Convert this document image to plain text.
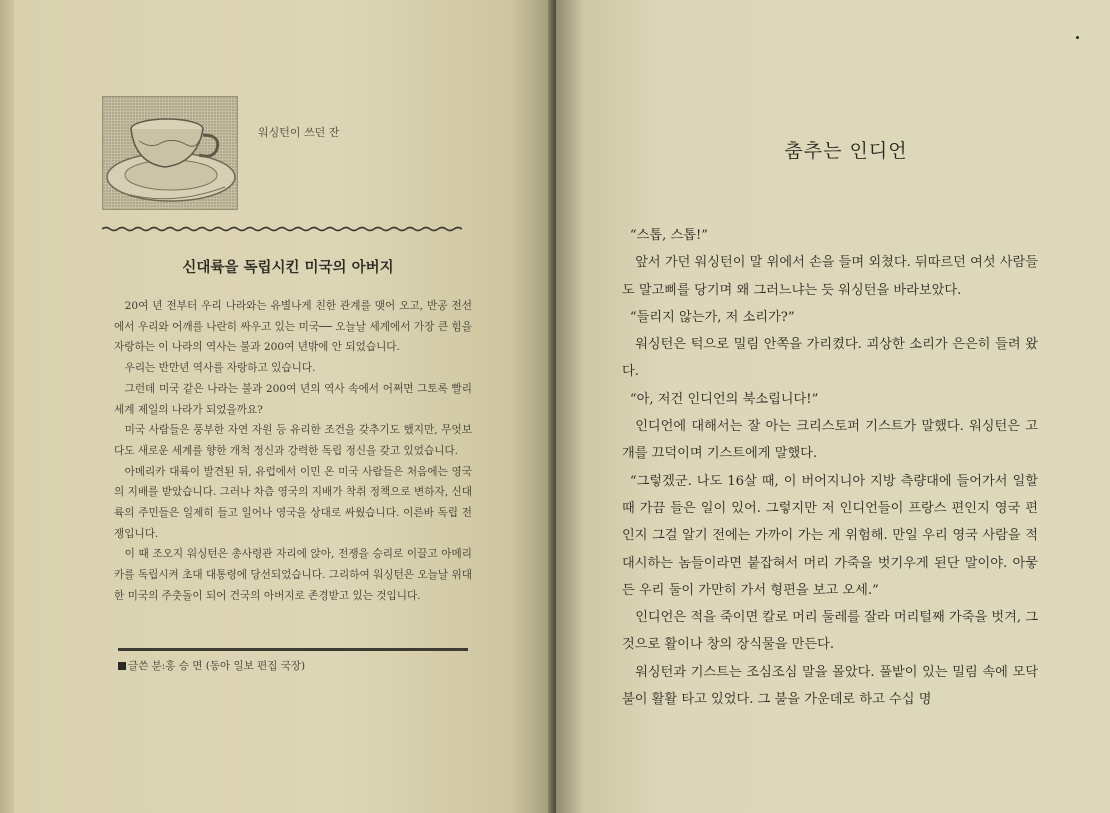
워싱턴이 쓰던 잔
신대륙을 독립시킨 미국의 아버지

20여 년 전부터 우리 나라와는 유별나게 친한 관계를 맺어 오고, 반공 전선에서 우리와 어깨를 나란히 싸우고 있는 미국── 오늘날 세계에서 가장 큰 힘을 자랑하는 이 나라의 역사는 불과 200여 년밖에 안 되었습니다.

우리는 반만년 역사를 자랑하고 있습니다.

그런데 미국 같은 나라는 불과 200여 년의 역사 속에서 어쩌면 그토록 빨리 세계 제일의 나라가 되었을까요?

미국 사람들은 풍부한 자연 자원 등 유리한 조건을 갖추기도 했지만, 무엇보다도 새로운 세계를 향한 개척 정신과 강력한 독립 정신을 갖고 있었습니다.

아메리카 대륙이 발견된 뒤, 유럽에서 이민 온 미국 사람들은 처음에는 영국의 지배를 받았습니다. 그러나 차츰 영국의 지배가 착취 정책으로 변하자, 신대륙의 주민들은 일제히 들고 일어나 영국을 상대로 싸웠습니다. 이른바 독립 전쟁입니다.

이 때 조오지 워싱턴은 총사령관 자리에 앉아, 전쟁을 승리로 이끌고 아메리카를 독립시켜 초대 대통령에 당선되었습니다. 그리하여 워싱턴은 오늘날 위대한 미국의 주춧돌이 되어 건국의 아버지로 존경받고 있는 것입니다.

글쓴 분:홍 승 면 (동아 일보 편집 국장)
춤추는 인디언

“스톱, 스톱!”

앞서 가던 워싱턴이 말 위에서 손을 들며 외쳤다. 뒤따르던 여섯 사람들도 말고삐를 당기며 왜 그러느냐는 듯 워싱턴을 바라보았다.

“들리지 않는가, 저 소리가?”

워싱턴은 턱으로 밀림 안쪽을 가리켰다. 괴상한 소리가 은은히 들려 왔다.

“아, 저건 인디언의 북소립니다!”

인디언에 대해서는 잘 아는 크리스토퍼 기스트가 말했다. 워싱턴은 고개를 끄덕이며 기스트에게 말했다.

“그렇겠군. 나도 16살 때, 이 버어지니아 지방 측량대에 들어가서 일할 때 가끔 들은 일이 있어. 그렇지만 저 인디언들이 프랑스 편인지 영국 편인지 그걸 알기 전에는 가까이 가는 게 위험해. 만일 우리 영국 사람을 적대시하는 놈들이라면 붙잡혀서 머리 가죽을 벗기우게 된단 말이야. 아뭏든 우리 둘이 가만히 가서 형편을 보고 오세.”

인디언은 적을 죽이면 칼로 머리 둘레를 잘라 머리털째 가죽을 벗겨, 그것으로 활이나 창의 장식물을 만든다.

워싱턴과 기스트는 조심조심 말을 몰았다. 풀밭이 있는 밀림 속에 모닥불이 활활 타고 있었다. 그 불을 가운데로 하고 수십 명
